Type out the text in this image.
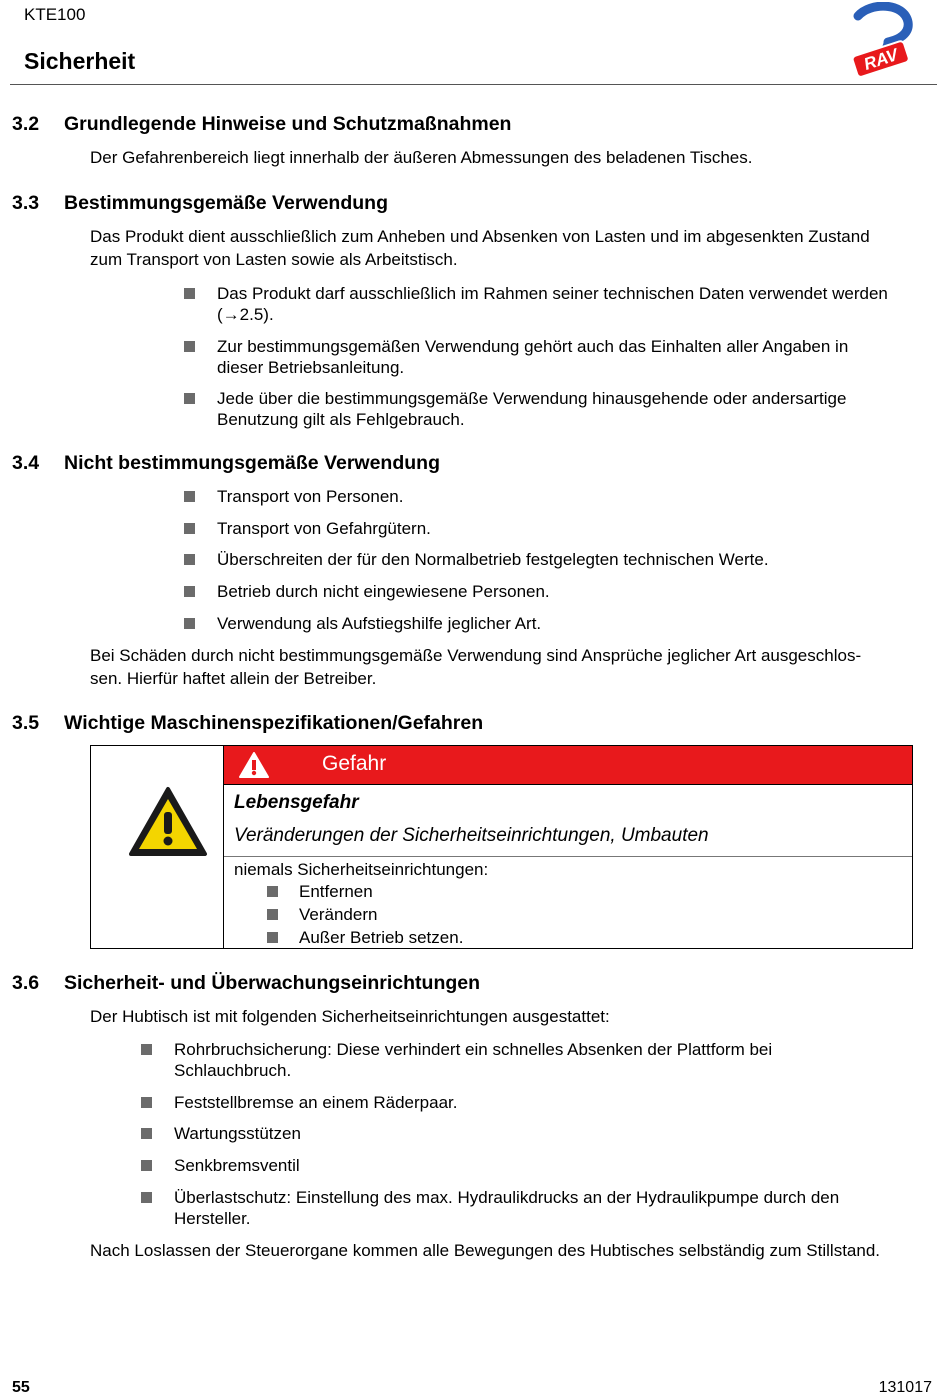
KTE100
Sicherheit	RAV
3.2 Grundlegende Hinweise und Schutzmaßnahmen
Der Gefahrenbereich liegt innerhalb der äußeren Abmessungen des beladenen Tisches.
3.3 Bestimmungsgemäße Verwendung
Das Produkt dient ausschließlich zum Anheben und Absenken von Lasten und im abgesenkten Zustand
zum Transport von Lasten sowie als Arbeitstisch.
Das Produkt darf ausschließlich im Rahmen seiner technischen Daten verwendet werden
(→2.5).
Zur bestimmungsgemäßen Verwendung gehört auch das Einhalten aller Angaben in
dieser Betriebsanleitung.
Jede über die bestimmungsgemäße Verwendung hinausgehende oder andersartige
Benutzung gilt als Fehlgebrauch.
3.4 Nicht bestimmungsgemäße Verwendung
Transport von Personen.
Transport von Gefahrgütern.
Überschreiten der für den Normalbetrieb festgelegten technischen Werte.
Betrieb durch nicht eingewiesene Personen.
Verwendung als Aufstiegshilfe jeglicher Art.
Bei Schäden durch nicht bestimmungsgemäße Verwendung sind Ansprüche jeglicher Art ausgeschlos-
sen. Hierfür haftet allein der Betreiber.
3.5 Wichtige Maschinenspezifikationen/Gefahren
Gefahr
Lebensgefahr
Veränderungen der Sicherheitseinrichtungen, Umbauten
niemals Sicherheitseinrichtungen:
Entfernen
Verändern
Außer Betrieb setzen.
3.6 Sicherheit- und Überwachungseinrichtungen
Der Hubtisch ist mit folgenden Sicherheitseinrichtungen ausgestattet:
Rohrbruchsicherung: Diese verhindert ein schnelles Absenken der Plattform bei
Schlauchbruch.
Feststellbremse an einem Räderpaar.
Wartungsstützen
Senkbremsventil
Überlastschutz: Einstellung des max. Hydraulikdrucks an der Hydraulikpumpe durch den
Hersteller.
Nach Loslassen der Steuerorgane kommen alle Bewegungen des Hubtisches selbständig zum Stillstand.
55	131017
